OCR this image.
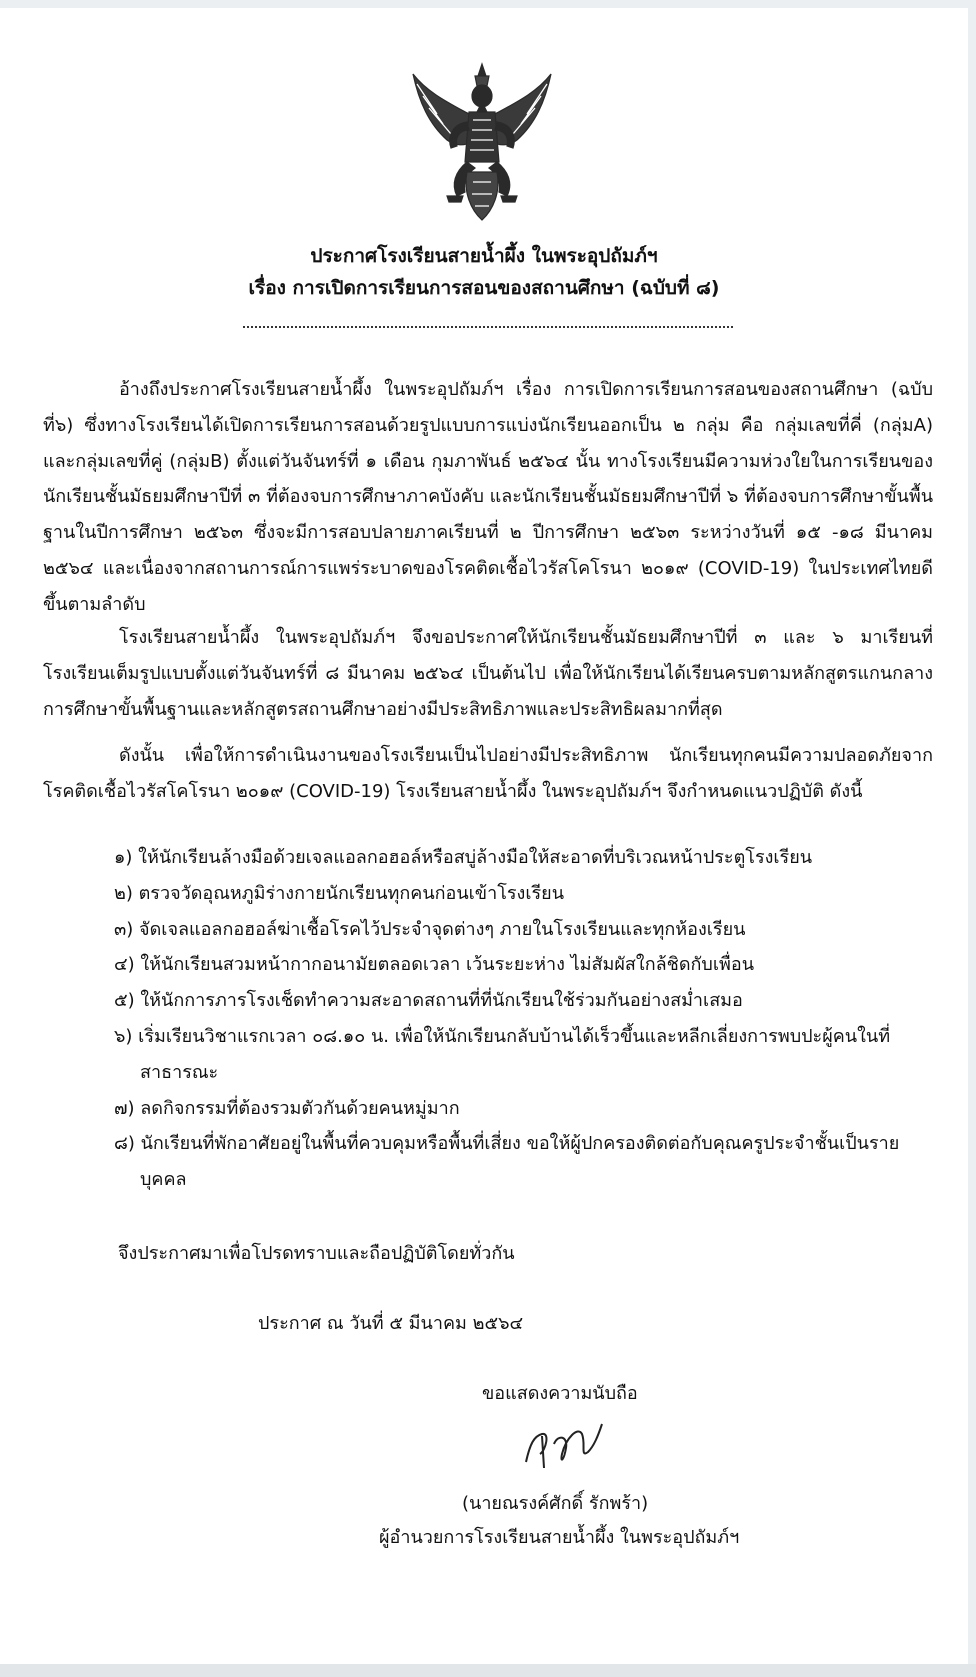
ประกาศโรงเรียนสายน้ำผึ้ง ในพระอุปถัมภ์ฯ
เรื่อง การเปิดการเรียนการสอนของสถานศึกษา (ฉบับที่ ๘)

อ้างถึงประกาศโรงเรียนสายน้ำผึ้ง ในพระอุปถัมภ์ฯ เรื่อง การเปิดการเรียนการสอนของสถานศึกษา (ฉบับที่๖) ซึ่งทางโรงเรียนได้เปิดการเรียนการสอนด้วยรูปแบบการแบ่งนักเรียนออกเป็น ๒ กลุ่ม คือ กลุ่มเลขที่คี่ (กลุ่มA) และกลุ่มเลขที่คู่ (กลุ่มB) ตั้งแต่วันจันทร์ที่ ๑ เดือน กุมภาพันธ์ ๒๕๖๔ นั้น ทางโรงเรียนมีความห่วงใยในการเรียนของนักเรียนชั้นมัธยมศึกษาปีที่ ๓ ที่ต้องจบการศึกษาภาคบังคับ และนักเรียนชั้นมัธยมศึกษาปีที่ ๖ ที่ต้องจบการศึกษาขั้นพื้นฐานในปีการศึกษา ๒๕๖๓ ซึ่งจะมีการสอบปลายภาคเรียนที่ ๒ ปีการศึกษา ๒๕๖๓ ระหว่างวันที่ ๑๕ -๑๘ มีนาคม ๒๕๖๔ และเนื่องจากสถานการณ์การแพร่ระบาดของโรคติดเชื้อไวรัสโคโรนา ๒๐๑๙ (COVID-19) ในประเทศไทยดีขึ้นตามลำดับ

โรงเรียนสายน้ำผึ้ง ในพระอุปถัมภ์ฯ จึงขอประกาศให้นักเรียนชั้นมัธยมศึกษาปีที่ ๓ และ ๖ มาเรียนที่โรงเรียนเต็มรูปแบบตั้งแต่วันจันทร์ที่ ๘ มีนาคม ๒๕๖๔ เป็นต้นไป เพื่อให้นักเรียนได้เรียนครบตามหลักสูตรแกนกลางการศึกษาขั้นพื้นฐานและหลักสูตรสถานศึกษาอย่างมีประสิทธิภาพและประสิทธิผลมากที่สุด

ดังนั้น เพื่อให้การดำเนินงานของโรงเรียนเป็นไปอย่างมีประสิทธิภาพ นักเรียนทุกคนมีความปลอดภัยจากโรคติดเชื้อไวรัสโคโรนา ๒๐๑๙ (COVID-19) โรงเรียนสายน้ำผึ้ง ในพระอุปถัมภ์ฯ จึงกำหนดแนวปฏิบัติ ดังนี้

๑) ให้นักเรียนล้างมือด้วยเจลแอลกอฮอล์หรือสบู่ล้างมือให้สะอาดที่บริเวณหน้าประตูโรงเรียน
๒) ตรวจวัดอุณหภูมิร่างกายนักเรียนทุกคนก่อนเข้าโรงเรียน
๓) จัดเจลแอลกอฮอล์ฆ่าเชื้อโรคไว้ประจำจุดต่างๆ ภายในโรงเรียนและทุกห้องเรียน
๔) ให้นักเรียนสวมหน้ากากอนามัยตลอดเวลา เว้นระยะห่าง ไม่สัมผัสใกล้ชิดกับเพื่อน
๕) ให้นักการภารโรงเช็ดทำความสะอาดสถานที่ที่นักเรียนใช้ร่วมกันอย่างสม่ำเสมอ
๖) เริ่มเรียนวิชาแรกเวลา ๐๘.๑๐ น. เพื่อให้นักเรียนกลับบ้านได้เร็วขึ้นและหลีกเลี่ยงการพบปะผู้คนในที่สาธารณะ
๗) ลดกิจกรรมที่ต้องรวมตัวกันด้วยคนหมู่มาก
๘) นักเรียนที่พักอาศัยอยู่ในพื้นที่ควบคุมหรือพื้นที่เสี่ยง ขอให้ผู้ปกครองติดต่อกับคุณครูประจำชั้นเป็นรายบุคคล
จึงประกาศมาเพื่อโปรดทราบและถือปฏิบัติโดยทั่วกัน
ประกาศ ณ วันที่ ๕ มีนาคม ๒๕๖๔
ขอแสดงความนับถือ
(นายณรงค์ศักดิ์ รักพร้า)
ผู้อำนวยการโรงเรียนสายน้ำผึ้ง ในพระอุปถัมภ์ฯ
